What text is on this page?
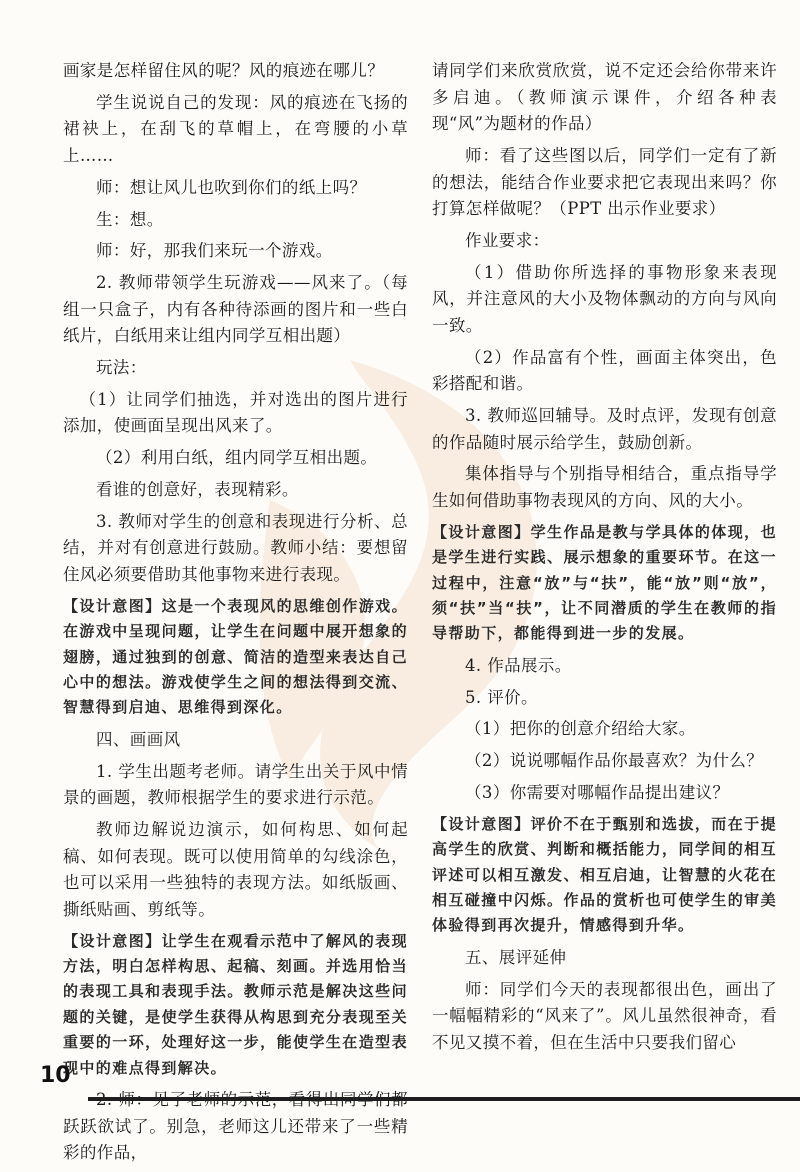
画家是怎样留住风的呢？风的痕迹在哪儿？

学生说说自己的发现：风的痕迹在飞扬的裙袂上，在刮飞的草帽上，在弯腰的小草上……

师：想让风儿也吹到你们的纸上吗？

生：想。

师：好，那我们来玩一个游戏。

2. 教师带领学生玩游戏——风来了。（每组一只盒子，内有各种待添画的图片和一些白纸片，白纸用来让组内同学互相出题）

玩法：

（1）让同学们抽选，并对选出的图片进行添加，使画面呈现出风来了。

（2）利用白纸，组内同学互相出题。

看谁的创意好，表现精彩。

3. 教师对学生的创意和表现进行分析、总结，并对有创意进行鼓励。教师小结：要想留住风必须要借助其他事物来进行表现。

【设计意图】这是一个表现风的思维创作游戏。在游戏中呈现问题，让学生在问题中展开想象的翅膀，通过独到的创意、简洁的造型来表达自己心中的想法。游戏使学生之间的想法得到交流、智慧得到启迪、思维得到深化。

四、画画风

1. 学生出题考老师。请学生出关于风中情景的画题，教师根据学生的要求进行示范。

教师边解说边演示，如何构思、如何起稿、如何表现。既可以使用简单的勾线涂色，也可以采用一些独特的表现方法。如纸版画、撕纸贴画、剪纸等。

【设计意图】让学生在观看示范中了解风的表现方法，明白怎样构思、起稿、刻画。并选用恰当的表现工具和表现手法。教师示范是解决这些问题的关键，是使学生获得从构思到充分表现至关重要的一环，处理好这一步，能使学生在造型表现中的难点得到解决。

2. 师：见了老师的示范，看得出同学们都跃跃欲试了。别急，老师这儿还带来了一些精彩的作品，

请同学们来欣赏欣赏，说不定还会给你带来许多启迪。（教师演示课件，介绍各种表现“风”为题材的作品）

师：看了这些图以后，同学们一定有了新的想法，能结合作业要求把它表现出来吗？你打算怎样做呢？（PPT 出示作业要求）

作业要求：

（1）借助你所选择的事物形象来表现风，并注意风的大小及物体飘动的方向与风向一致。

（2）作品富有个性，画面主体突出，色彩搭配和谐。

3. 教师巡回辅导。及时点评，发现有创意的作品随时展示给学生，鼓励创新。

集体指导与个别指导相结合，重点指导学生如何借助事物表现风的方向、风的大小。

【设计意图】学生作品是教与学具体的体现，也是学生进行实践、展示想象的重要环节。在这一过程中，注意“放”与“扶”，能“放”则“放”，须“扶”当“扶”，让不同潜质的学生在教师的指导帮助下，都能得到进一步的发展。

4. 作品展示。

5. 评价。

（1）把你的创意介绍给大家。

（2）说说哪幅作品你最喜欢？为什么？

（3）你需要对哪幅作品提出建议？

【设计意图】评价不在于甄别和选拔，而在于提高学生的欣赏、判断和概括能力，同学间的相互评述可以相互激发、相互启迪，让智慧的火花在相互碰撞中闪烁。作品的赏析也可使学生的审美体验得到再次提升，情感得到升华。

五、展评延伸

师：同学们今天的表现都很出色，画出了一幅幅精彩的“风来了”。风儿虽然很神奇，看不见又摸不着，但在生活中只要我们留心

10
